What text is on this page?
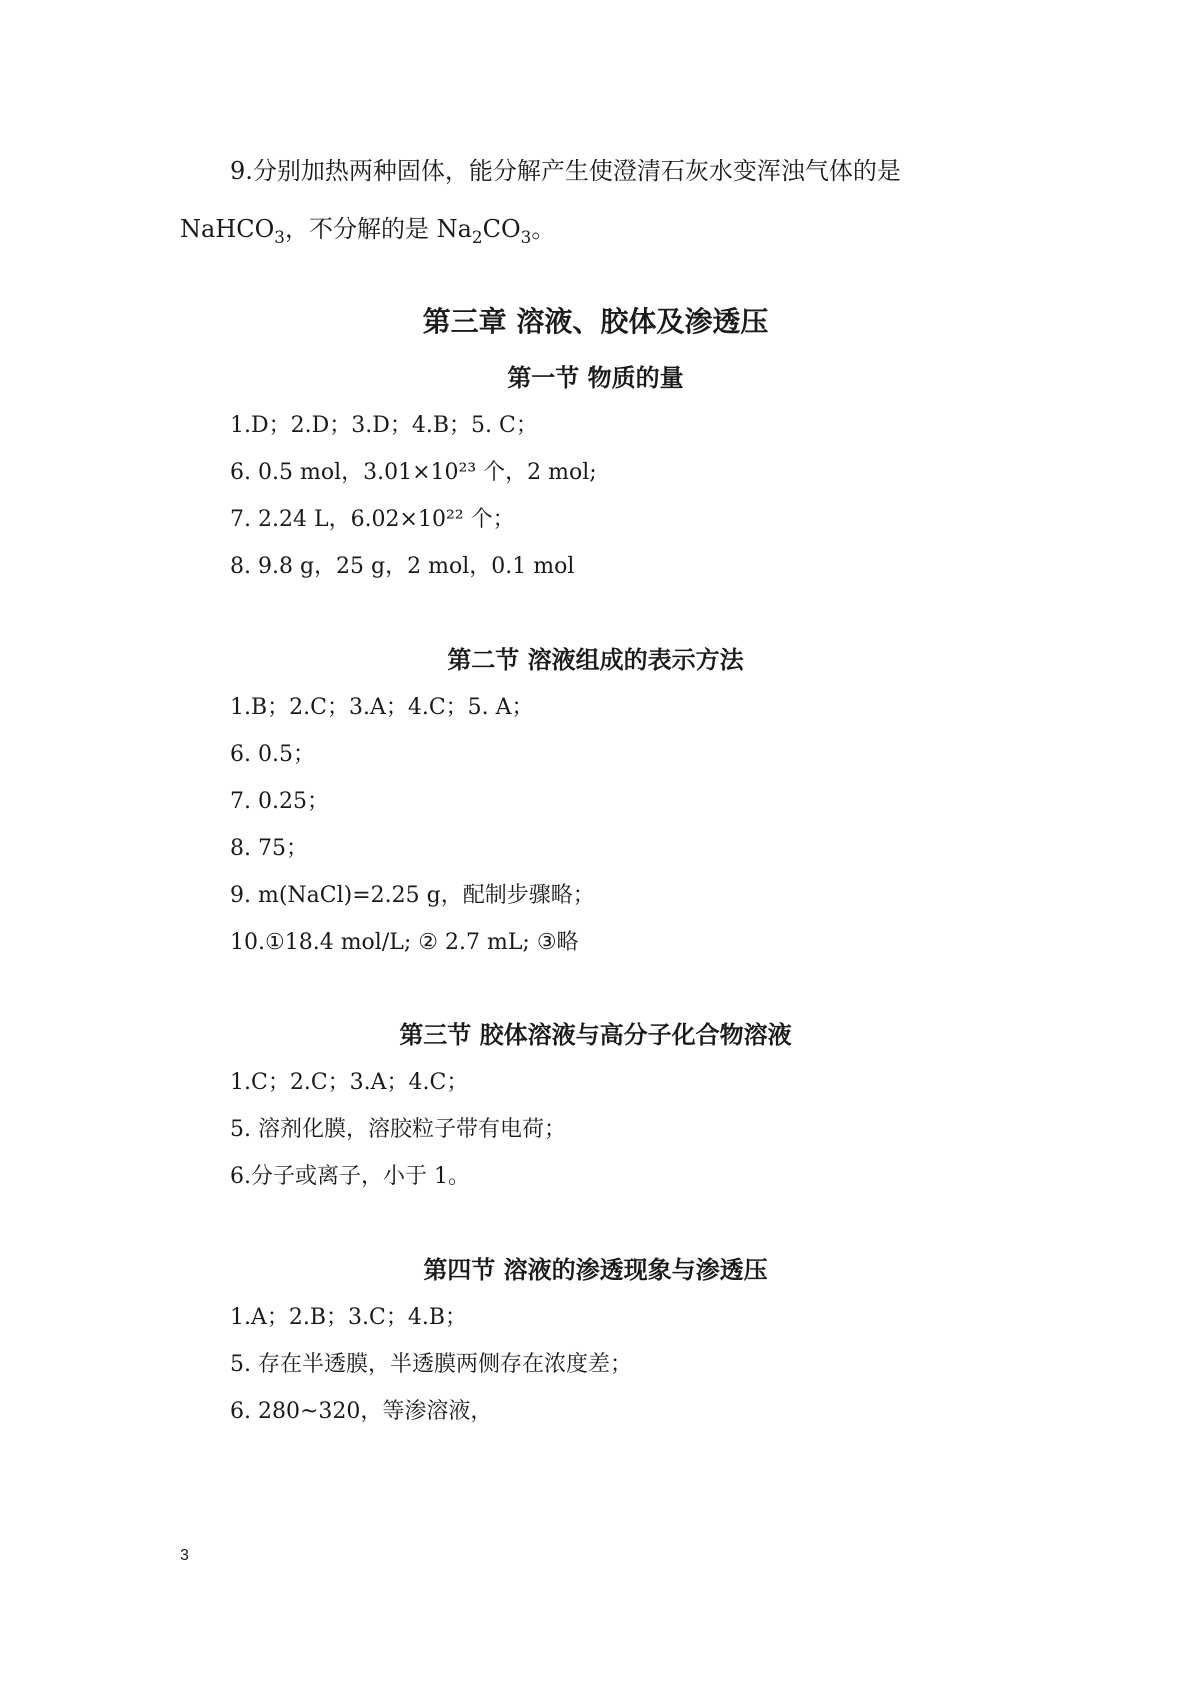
9.分别加热两种固体，能分解产生使澄清石灰水变浑浊气体的是 NaHCO$_3$，不分解的是 $Na_2CO_3$。

第三章 溶液、胶体及渗透压
第一节 物质的量

1.D；2.D；3.D；4.B；5. C；

6. 0.5 mol，3.01×10²³ 个，2 mol;

7. 2.24 L，6.02×10²² 个；

8. 9.8 g，25 g，2 mol，0.1 mol

第二节 溶液组成的表示方法

1.B；2.C；3.A；4.C；5. A；

6. 0.5；

7. 0.25；

8. 75；

9. m(NaCl)=2.25 g，配制步骤略；

10.①18.4 mol/L; ② 2.7 mL; ③略

第三节 胶体溶液与高分子化合物溶液

1.C；2.C；3.A；4.C；

5. 溶剂化膜，溶胶粒子带有电荷；

6.分子或离子，小于 1。

第四节 溶液的渗透现象与渗透压

1.A；2.B；3.C；4.B；

5. 存在半透膜，半透膜两侧存在浓度差；

6. 280~320，等渗溶液，

3
